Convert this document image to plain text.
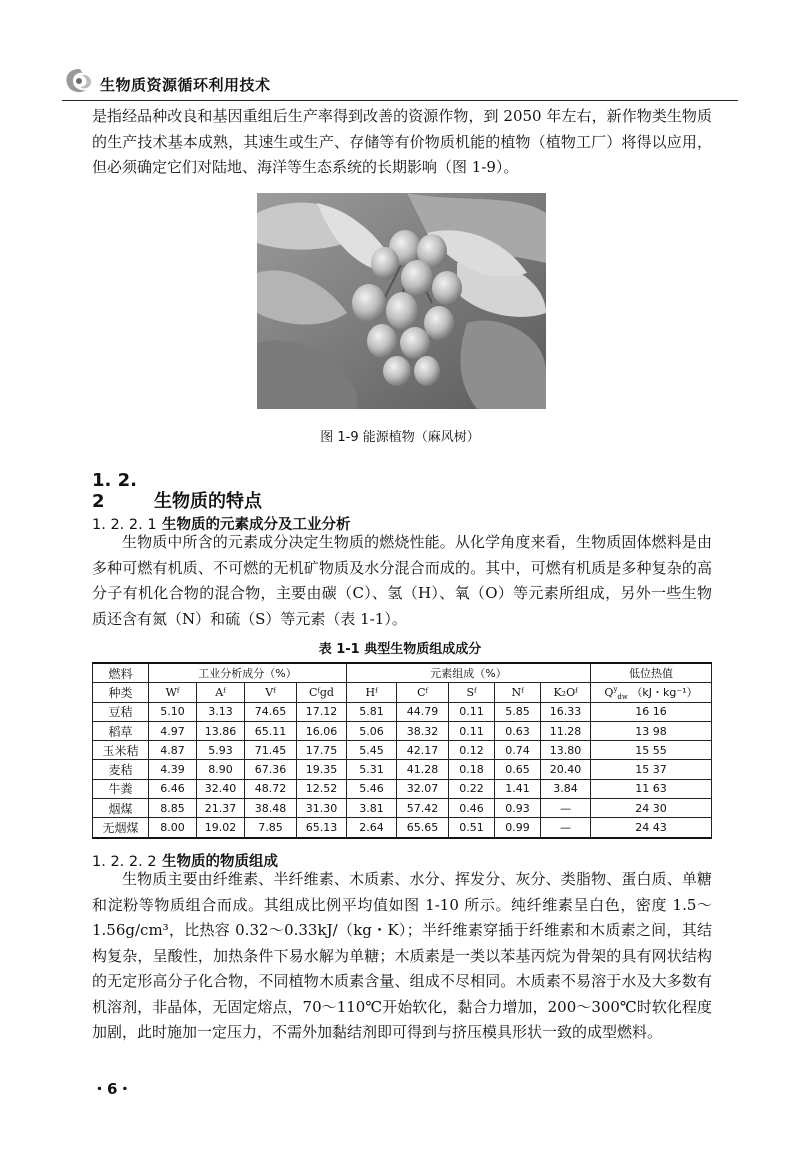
生物质资源循环利用技术

是指经品种改良和基因重组后生产率得到改善的资源作物，到 2050 年左右，新作物类生物质的生产技术基本成熟，其速生或生产、存储等有价物质机能的植物（植物工厂）将得以应用，但必须确定它们对陆地、海洋等生态系统的长期影响（图 1-9）。

图 1-9 能源植物（麻风树）
1. 2. 2	生物质的特点
1. 2. 2. 1 生物质的元素成分及工业分析

生物质中所含的元素成分决定生物质的燃烧性能。从化学角度来看，生物质固体燃料是由多种可燃有机质、不可燃的无机矿物质及水分混合而成的。其中，可燃有机质是多种复杂的高分子有机化合物的混合物，主要由碳（C）、氢（H）、氧（O）等元素所组成，另外一些生物质还含有氮（N）和硫（S）等元素（表 1-1）。

表 1-1 典型生物质组成成分
燃料	工业分析成分（%）				元素组成（%）					低位热值
种类	Wᶠ	Aᶠ	Vᶠ	Cᶠgd	Hᶠ	Cᶠ	Sᶠ	Nᶠ	K₂Oᶠ	$Q^y_{dw}$ （kJ・kg⁻¹）
豆秸	5.10	3.13	74.65	17.12	5.81	44.79	0.11	5.85	16.33	16 16
稻草	4.97	13.86	65.11	16.06	5.06	38.32	0.11	0.63	11.28	13 98
玉米秸	4.87	5.93	71.45	17.75	5.45	42.17	0.12	0.74	13.80	15 55
麦秸	4.39	8.90	67.36	19.35	5.31	41.28	0.18	0.65	20.40	15 37
牛粪	6.46	32.40	48.72	12.52	5.46	32.07	0.22	1.41	3.84	11 63
烟煤	8.85	21.37	38.48	31.30	3.81	57.42	0.46	0.93	—	24 30
无烟煤	8.00	19.02	7.85	65.13	2.64	65.65	0.51	0.99	—	24 43
1. 2. 2. 2 生物质的物质组成

生物质主要由纤维素、半纤维素、木质素、水分、挥发分、灰分、类脂物、蛋白质、单糖和淀粉等物质组合而成。其组成比例平均值如图 1-10 所示。纯纤维素呈白色，密度 1.5～1.56g/cm³，比热容 0.32～0.33kJ/（kg・K）；半纤维素穿插于纤维素和木质素之间，其结构复杂，呈酸性，加热条件下易水解为单糖；木质素是一类以苯基丙烷为骨架的具有网状结构的无定形高分子化合物，不同植物木质素含量、组成不尽相同。木质素不易溶于水及大多数有机溶剂，非晶体，无固定熔点，70～110℃开始软化，黏合力增加，200～300℃时软化程度加剧，此时施加一定压力，不需外加黏结剂即可得到与挤压模具形状一致的成型燃料。

・6・
